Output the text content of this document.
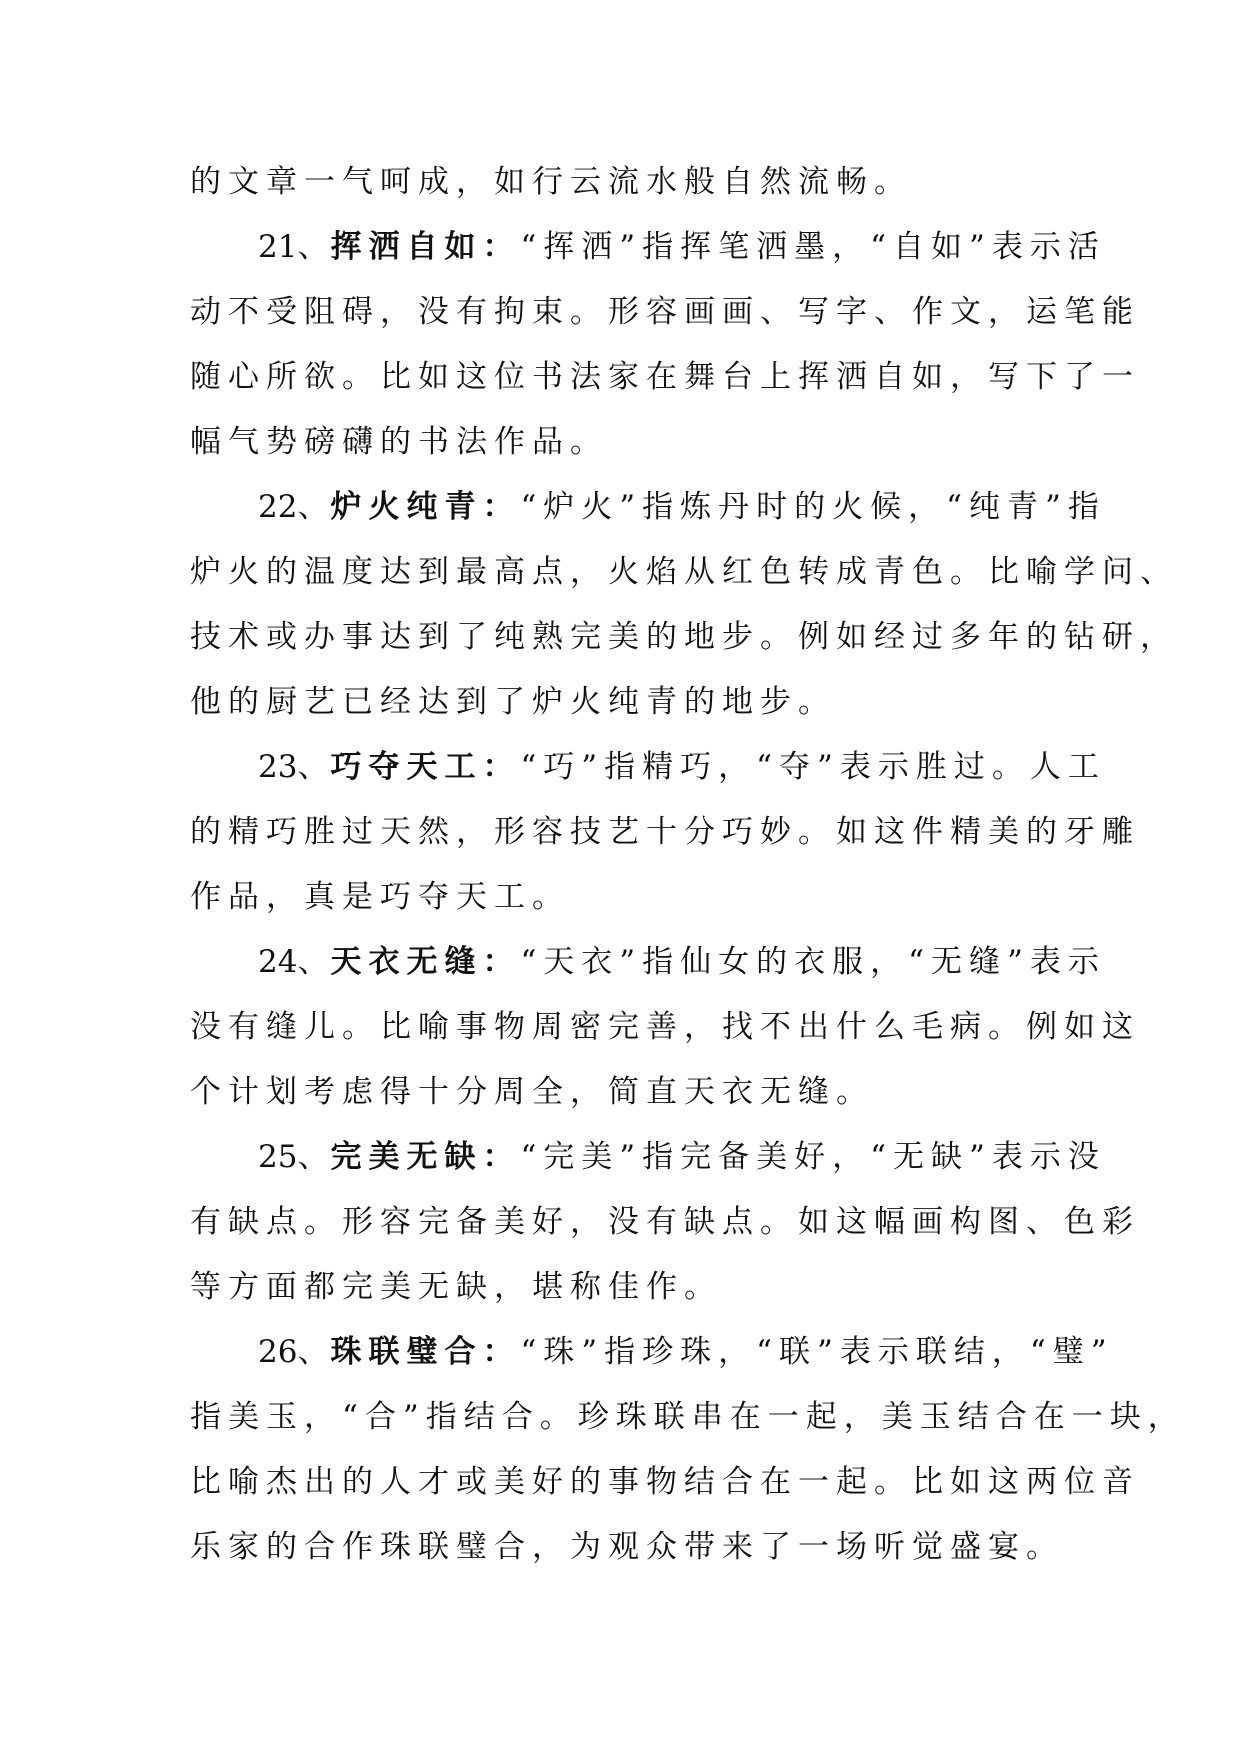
的文章一气呵成，如行云流水般自然流畅。
21、挥洒自如：“挥洒”指挥笔洒墨，“自如”表示活
动不受阻碍，没有拘束。形容画画、写字、作文，运笔能
随心所欲。比如这位书法家在舞台上挥洒自如，写下了一
幅气势磅礴的书法作品。
22、炉火纯青：“炉火”指炼丹时的火候，“纯青”指
炉火的温度达到最高点，火焰从红色转成青色。比喻学问、
技术或办事达到了纯熟完美的地步。例如经过多年的钻研，
他的厨艺已经达到了炉火纯青的地步。
23、巧夺天工：“巧”指精巧，“夺”表示胜过。人工
的精巧胜过天然，形容技艺十分巧妙。如这件精美的牙雕
作品，真是巧夺天工。
24、天衣无缝：“天衣”指仙女的衣服，“无缝”表示
没有缝儿。比喻事物周密完善，找不出什么毛病。例如这
个计划考虑得十分周全，简直天衣无缝。
25、完美无缺：“完美”指完备美好，“无缺”表示没
有缺点。形容完备美好，没有缺点。如这幅画构图、色彩
等方面都完美无缺，堪称佳作。
26、珠联璧合：“珠”指珍珠，“联”表示联结，“璧”
指美玉，“合”指结合。珍珠联串在一起，美玉结合在一块，
比喻杰出的人才或美好的事物结合在一起。比如这两位音
乐家的合作珠联璧合，为观众带来了一场听觉盛宴。
